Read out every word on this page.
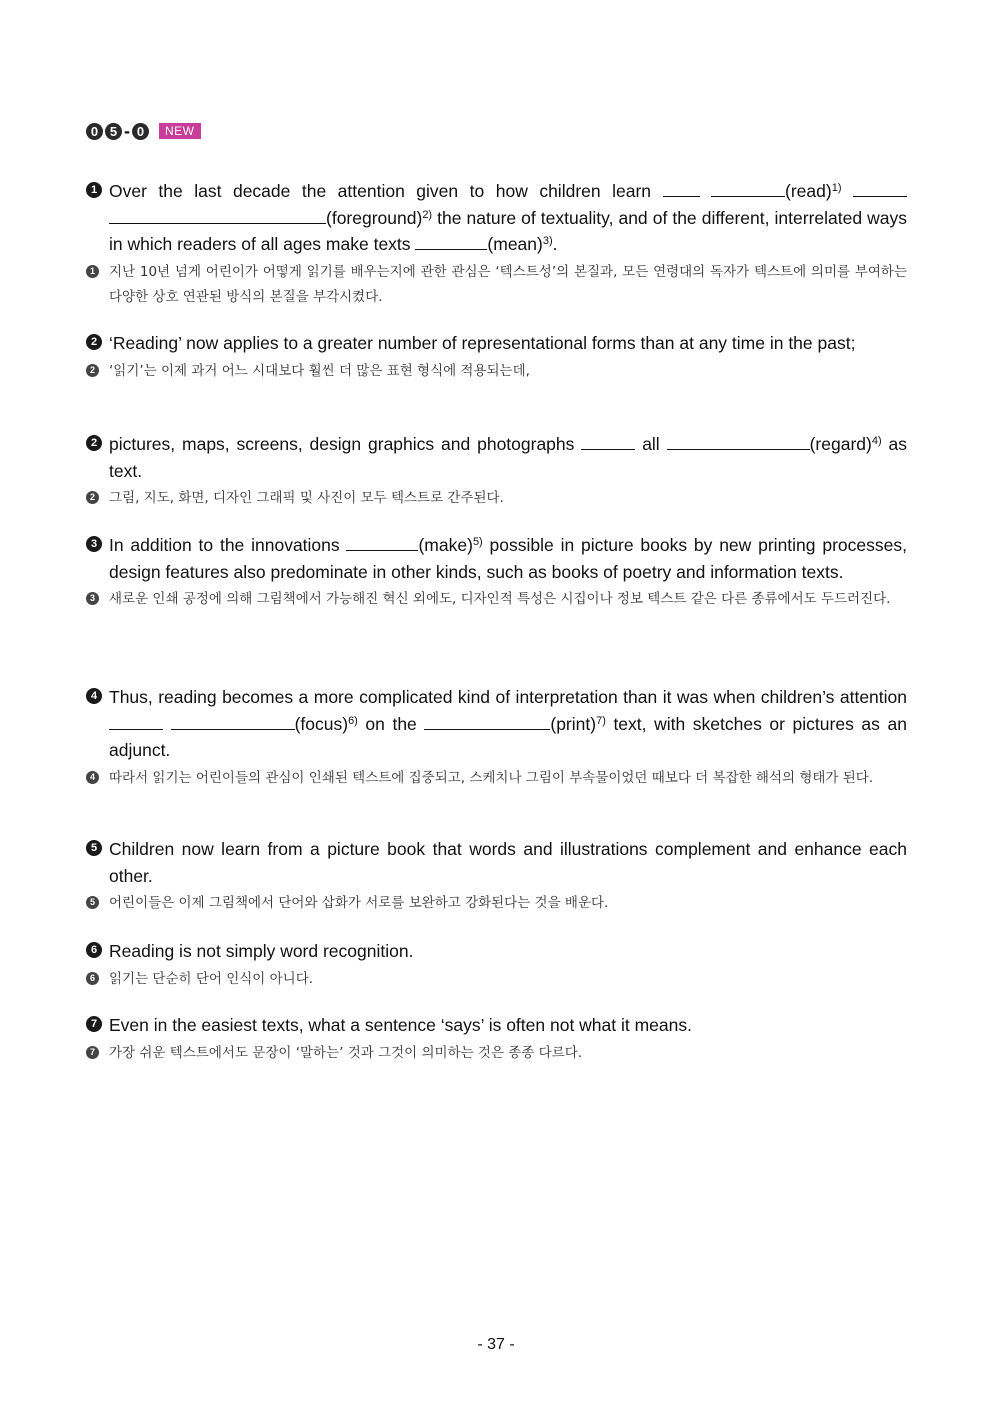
0 5 - 0	NEW
1 Over the last decade the attention given to how children learn	(read)$^{1)}$  (foreground)$^{2)}$ the nature of textuality, and of the different, interrelated ways in which readers of all ages make texts	(mean)$^{3)}$.
1 지난 10년 넘게 어린이가 어떻게 읽기를 배우는지에 관한 관심은 ‘텍스트성’의 본질과, 모든 연령대의 독자가 텍스트에 의미를 부여하는 다양한 상호 연관된 방식의 본질을 부각시켰다.
2 ‘Reading’ now applies to a greater number of representational forms than at any time in the past;
2 ‘읽기’는 이제 과거 어느 시대보다 훨씬 더 많은 표현 형식에 적용되는데,
2 pictures, maps, screens, design graphics and photographs	all	(regard)$^{4)}$ as text.
2 그림, 지도, 화면, 디자인 그래픽 및 사진이 모두 텍스트로 간주된다.
3 In addition to the innovations	(make)$^{5)}$ possible in picture books by new printing processes, design features also predominate in other kinds, such as books of poetry and information texts.
3 새로운 인쇄 공정에 의해 그림책에서 가능해진 혁신 외에도, 디자인적 특성은 시집이나 정보 텍스트 같은 다른 종류에서도 두드러진다.
4 Thus, reading becomes a more complicated kind of interpretation than it was when children’s attention  (focus)$^{6)}$ on the	(print)$^{7)}$ text, with sketches or pictures as an adjunct.
4 따라서 읽기는 어린이들의 관심이 인쇄된 텍스트에 집중되고, 스케치나 그림이 부속물이었던 때보다 더 복잡한 해석의 형태가 된다.
5 Children now learn from a picture book that words and illustrations complement and enhance each other.
5 어린이들은 이제 그림책에서 단어와 삽화가 서로를 보완하고 강화된다는 것을 배운다.
6 Reading is not simply word recognition.
6 읽기는 단순히 단어 인식이 아니다.
7 Even in the easiest texts, what a sentence ‘says’ is often not what it means.
7 가장 쉬운 텍스트에서도 문장이 ‘말하는’ 것과 그것이 의미하는 것은 종종 다르다.
- 37 -
